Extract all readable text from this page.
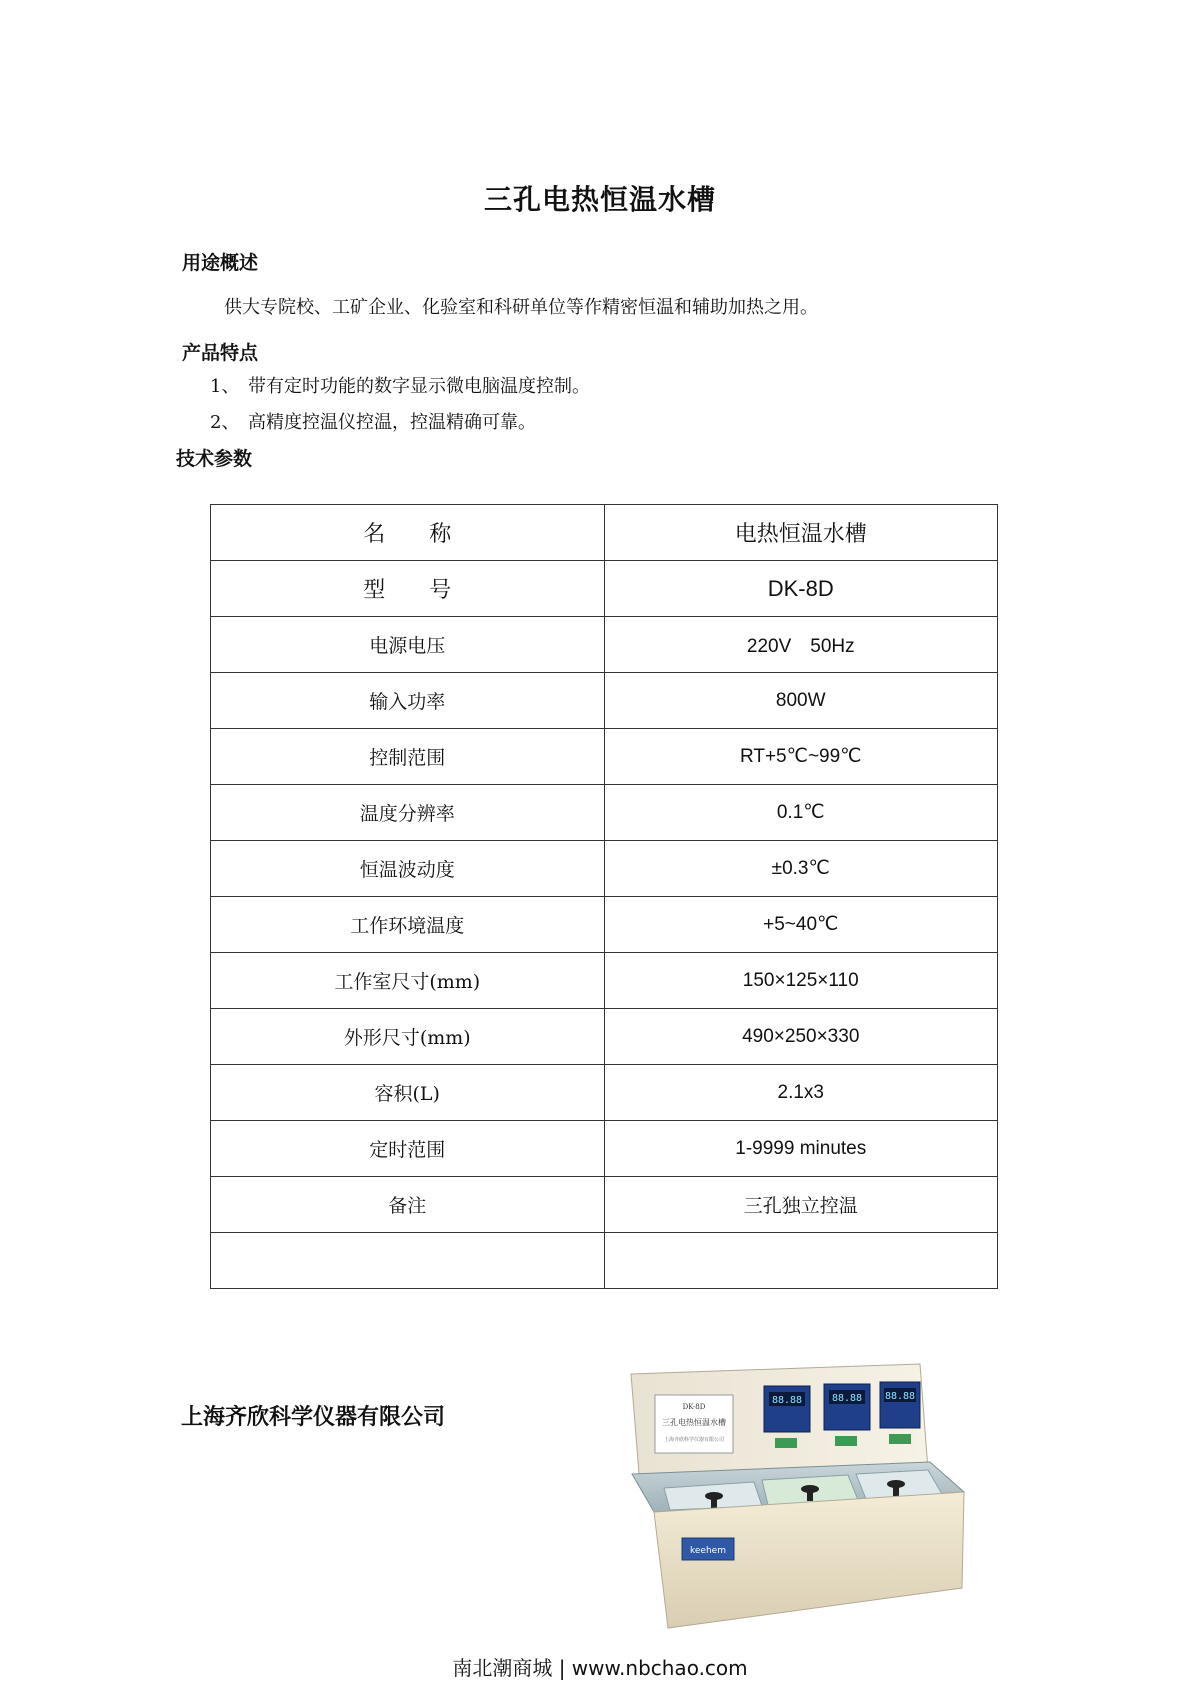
三孔电热恒温水槽
用途概述
供大专院校、工矿企业、化验室和科研单位等作精密恒温和辅助加热之用。
产品特点
1、 带有定时功能的数字显示微电脑温度控制。
2、 高精度控温仪控温，控温精确可靠。
技术参数
名　　称	电热恒温水槽
型　　号	DK-8D
电源电压	220V　50Hz
输入功率	800W
控制范围	RT+5℃~99℃
温度分辨率	0.1℃
恒温波动度	±0.3℃
工作环境温度	+5~40℃
工作室尺寸(mm)	150×125×110
外形尺寸(mm)	490×250×330
容积(L)	2.1x3
定时范围	1-9999 minutes
备注	三孔独立控温

上海齐欣科学仪器有限公司	DK-8D
三孔电热恒温水槽
上海齐欣科学仪器有限公司
88.88	88.88 88.88
keehem
南北潮商城 | www.nbchao.com
